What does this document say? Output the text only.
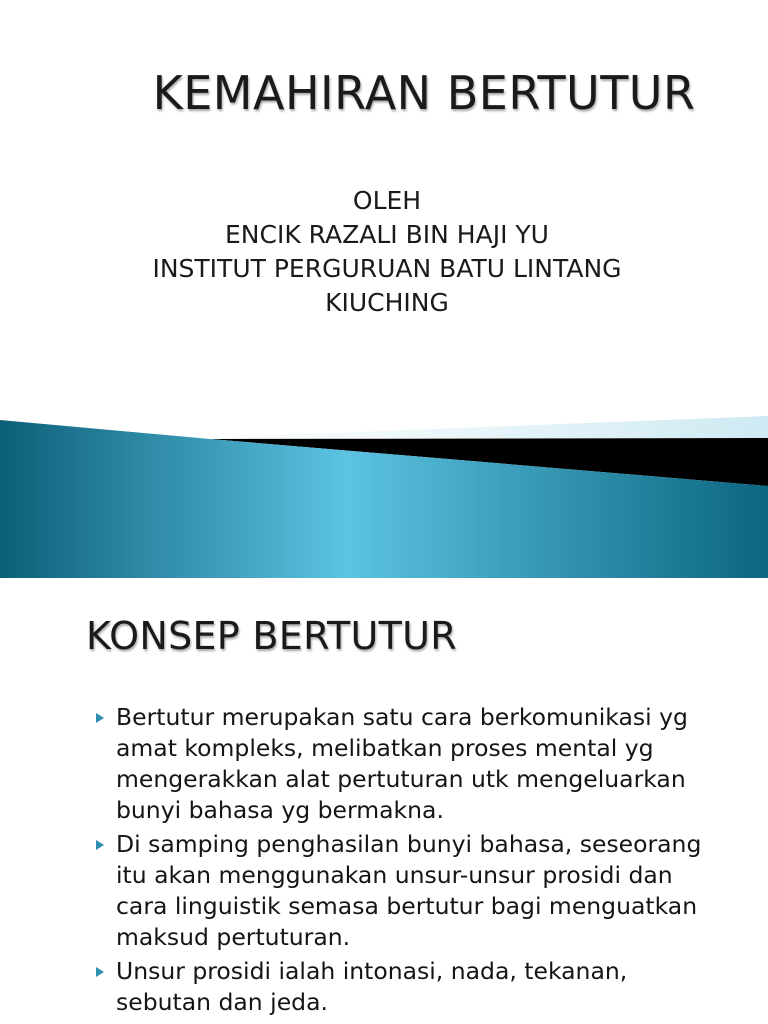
KEMAHIRAN BERTUTUR
OLEH
ENCIK RAZALI BIN HAJI YU
INSTITUT PERGURUAN BATU LINTANG
KIUCHING
KONSEP BERTUTUR
Bertutur merupakan satu cara berkomunikasi yg
amat kompleks, melibatkan proses mental yg
mengerakkan alat pertuturan utk mengeluarkan
bunyi bahasa yg bermakna.
Di samping penghasilan bunyi bahasa, seseorang
itu akan menggunakan unsur-unsur prosidi dan
cara linguistik semasa bertutur bagi menguatkan
maksud pertuturan.
Unsur prosidi ialah intonasi, nada, tekanan,
sebutan dan jeda.
